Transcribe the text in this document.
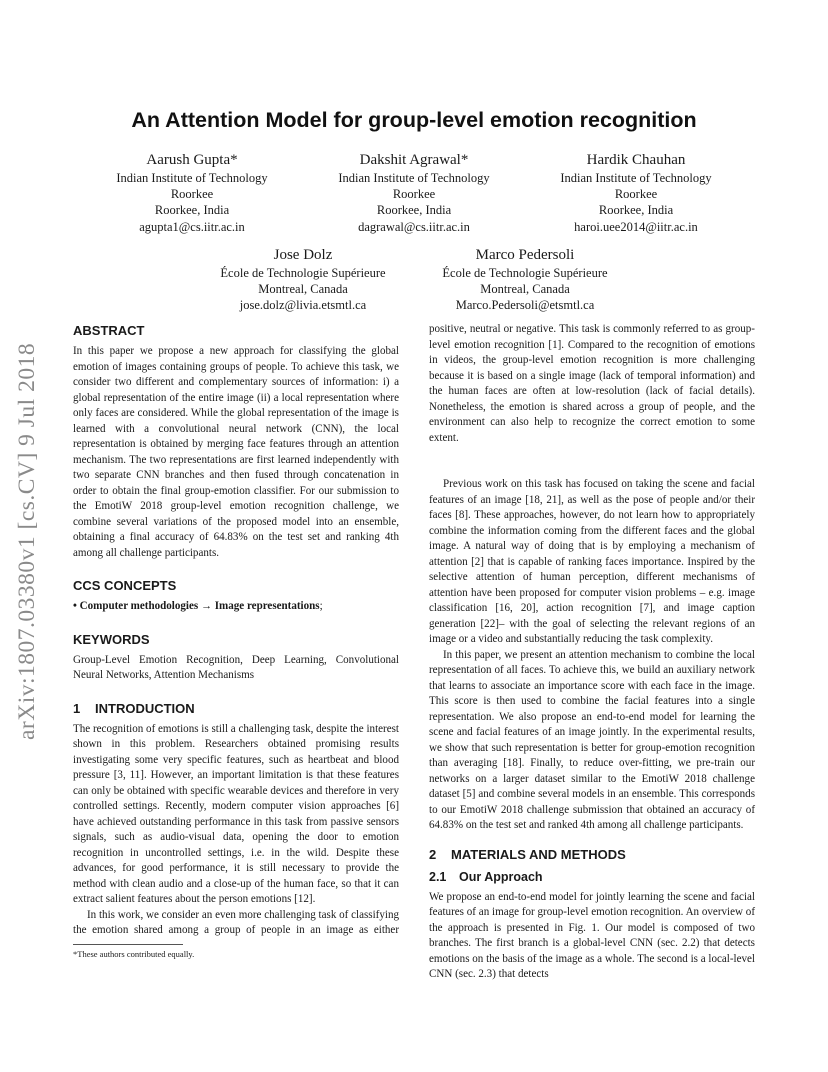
arXiv:1807.03380v1 [cs.CV] 9 Jul 2018
An Attention Model for group-level emotion recognition
Aarush Gupta*
Indian Institute of Technology
Roorkee
Roorkee, India
agupta1@cs.iitr.ac.in
Dakshit Agrawal*
Indian Institute of Technology
Roorkee
Roorkee, India
dagrawal@cs.iitr.ac.in
Hardik Chauhan
Indian Institute of Technology
Roorkee
Roorkee, India
haroi.uee2014@iitr.ac.in
Jose Dolz
École de Technologie Supérieure
Montreal, Canada
jose.dolz@livia.etsmtl.ca
Marco Pedersoli
École de Technologie Supérieure
Montreal, Canada
Marco.Pedersoli@etsmtl.ca
ABSTRACT

In this paper we propose a new approach for classifying the global emotion of images containing groups of people. To achieve this task, we consider two different and complementary sources of information: i) a global representation of the entire image (ii) a local representation where only faces are considered. While the global representation of the image is learned with a convolutional neural network (CNN), the local representation is obtained by merging face features through an attention mechanism. The two representations are first learned independently with two separate CNN branches and then fused through concatenation in order to obtain the final group-emotion classifier. For our submission to the EmotiW 2018 group-level emotion recognition challenge, we combine several variations of the proposed model into an ensemble, obtaining a final accuracy of 64.83% on the test set and ranking 4th among all challenge participants.

CCS CONCEPTS

• Computer methodologies → Image representations;

KEYWORDS

Group-Level Emotion Recognition, Deep Learning, Convolutional Neural Networks, Attention Mechanisms

1 INTRODUCTION

The recognition of emotions is still a challenging task, despite the interest shown in this problem. Researchers obtained promising results investigating some very specific features, such as heartbeat and blood pressure [3, 11]. However, an important limitation is that these features can only be obtained with specific wearable devices and therefore in very controlled settings. Recently, modern computer vision approaches [6] have achieved outstanding performance in this task from passive sensors signals, such as audio-visual data, opening the door to emotion recognition in uncontrolled settings, i.e. in the wild. Despite these advances, for good performance, it is still necessary to provide the method with clean audio and a close-up of the human face, so that it can extract salient features about the person emotions [12].

In this work, we consider an even more challenging task of classifying the emotion shared among a group of people in an image as either

positive, neutral or negative. This task is commonly referred to as group-level emotion recognition [1]. Compared to the recognition of emotions in videos, the group-level emotion recognition is more challenging because it is based on a single image (lack of temporal information) and the human faces are often at low-resolution (lack of facial details). Nonetheless, the emotion is shared across a group of people, and the environment can also help to recognize the correct emotion to some extent.

Previous work on this task has focused on taking the scene and facial features of an image [18, 21], as well as the pose of people and/or their faces [8]. These approaches, however, do not learn how to appropriately combine the information coming from the different faces and the global image. A natural way of doing that is by employing a mechanism of attention [2] that is capable of ranking faces importance. Inspired by the selective attention of human perception, different mechanisms of attention have been proposed for computer vision problems – e.g. image classification [16, 20], action recognition [7], and image caption generation [22]– with the goal of selecting the relevant regions of an image or a video and substantially reducing the task complexity.

In this paper, we present an attention mechanism to combine the local representation of all faces. To achieve this, we build an auxiliary network that learns to associate an importance score with each face in the image. This score is then used to combine the facial features into a single representation. We also propose an end-to-end model for learning the scene and facial features of an image jointly. In the experimental results, we show that such representation is better for group-emotion recognition than averaging [18]. Finally, to reduce over-fitting, we pre-train our networks on a larger dataset similar to the EmotiW 2018 challenge dataset [5] and combine several models in an ensemble. This corresponds to our EmotiW 2018 challenge submission that obtained an accuracy of 64.83% on the test set and ranked 4th among all challenge participants.

2 MATERIALS AND METHODS
2.1 Our Approach

We propose an end-to-end model for jointly learning the scene and facial features of an image for group-level emotion recognition. An overview of the approach is presented in Fig. 1. Our model is composed of two branches. The first branch is a global-level CNN (sec. 2.2) that detects emotions on the basis of the image as a whole. The second is a local-level CNN (sec. 2.3) that detects

*These authors contributed equally.
